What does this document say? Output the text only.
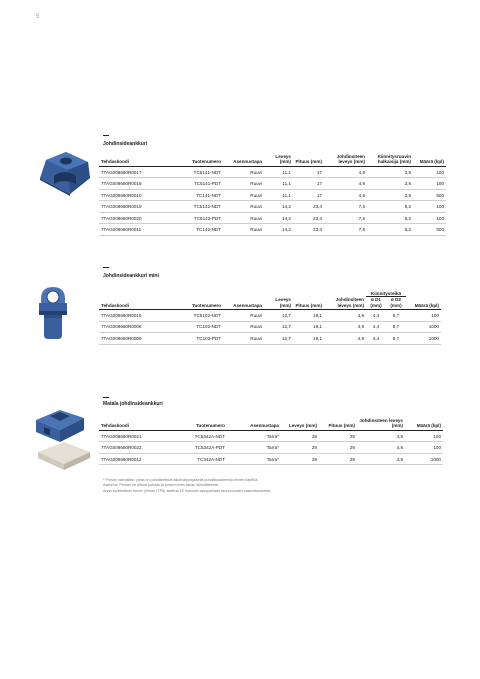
5
Johdinsideankkuri
Tehdaskoodi	Tuotenumero	Asennustapa	Leveys (mm)	Pituus (mm)	Johdinsiteen leveys (mm)	Kiinnitysruuvin halkaisija (mm)	Määrä (kpl)
7TAG009660R0017	TC5141-NDT	Ruuvi	11,1	17	4,8	3,8	100
7TAG009660R0018	TC5141-PDT	Ruuvi	11,1	17	4,8	3,8	100
7TAG009660R0010	TC141-NDT	Ruuvi	11,1	17	4,8	3,8	500
7TAG009660R0019	TC5142-NDT	Ruuvi	14,2	23,4	7,6	5,2	100
7TAG009660R0020	TC5142-PDT	Ruuvi	14,2	23,4	7,6	5,2	100
7TAG009660R0011	TC142-NDT	Ruuvi	14,2	23,4	7,6	5,2	500
Johdinsideankkuri mini
						Kiinnitysreikä		
Tehdaskoodi	Tuotenumero	Asennustapa	Leveys (mm)	Pituus (mm)	Johdinsiteen leveys (mm)	ø D1 (mm)	ø D2 (mm)	Määrä (kpl)
7TAG009660R0015	TC5102-NDT	Ruuvi	12,7	19,1	4,8	4,4	8,7	100
7TAG009660R0008	TC102-NDT	Ruuvi	12,7	19,1	4,8	4,4	8,7	1000
7TAG009660R0009	TC102-PDT	Ruuvi	12,7	19,1	4,8	4,4	8,7	1000
Matala johdinsideankkuri
Tehdaskoodi	Tuotenumero	Asennustapa	Leveys (mm)	Pituus (mm)	Johdinsiteen leveys (mm)	Määrä (kpl)
7TAG009660R0021	TC5342A-NDT	Tarra*	29	29	4,8	100
7TAG009660R0022	TC5342A-PDT	Tarra*	29	29	4,8	100
7TAG009660R0012	TC342A-NDT	Tarra*	29	29	4,8	1000
* Pinnan valmistelu: pinta on puhdistettava alkoholipohjaisella puhdistusaineella ennen käyttöä.
Asennus: Pinnan on oltava puhdas ja kuiva ennen tarran kiinnittämistä.
Anna synteettisen kumin (liiman (TPA) asettua 15 minuutin ajanparhaan tartunnuuden saavuttamiseksi.
